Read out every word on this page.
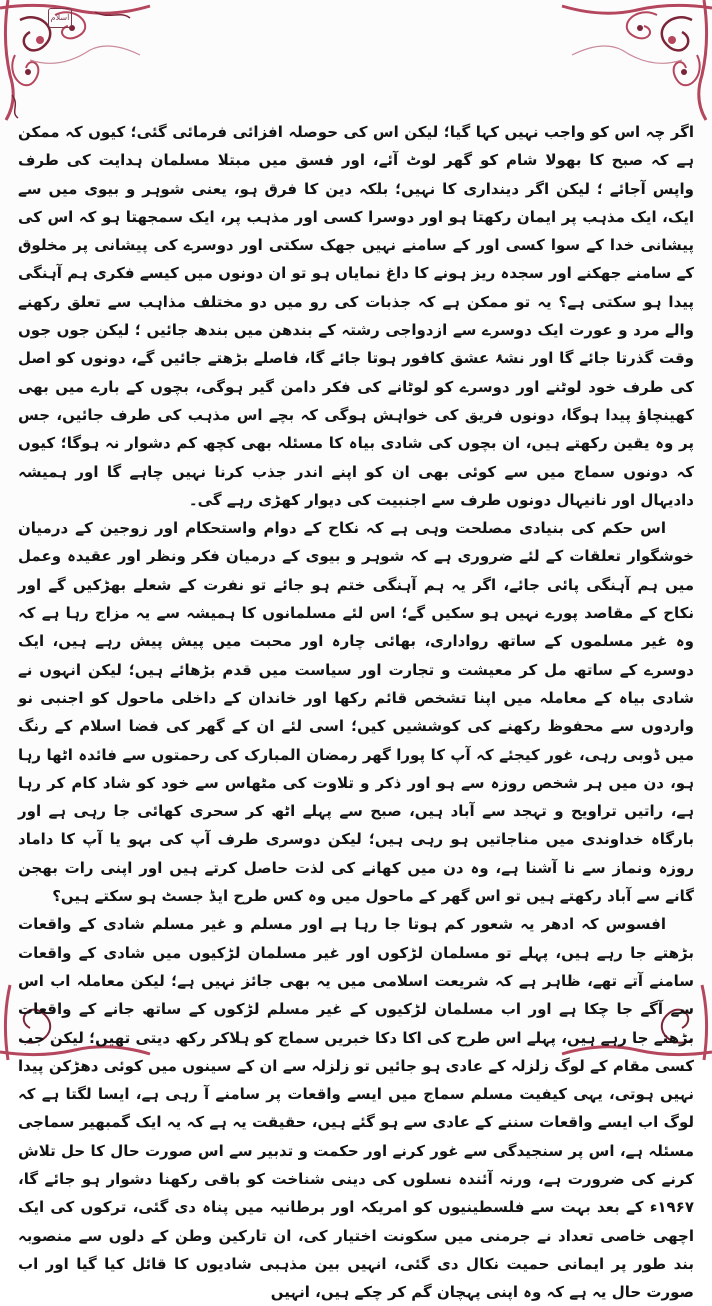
اسلام

اگر چہ اس کو واجب نہیں کہا گیا؛ لیکن اس کی حوصلہ افزائی فرمائی گئی؛ کیوں کہ ممکن ہے کہ صبح کا بھولا شام کو گھر لوٹ آئے، اور فسق میں مبتلا مسلمان ہدایت کی طرف واپس آجائے ؛ لیکن اگر دینداری کا نہیں؛ بلکہ دین کا فرق ہو، یعنی شوہر و بیوی میں سے ایک، ایک مذہب پر ایمان رکھتا ہو اور دوسرا کسی اور مذہب پر، ایک سمجھتا ہو کہ اس کی پیشانی خدا کے سوا کسی اور کے سامنے نہیں جھک سکتی اور دوسرے کی پیشانی پر مخلوق کے سامنے جھکنے اور سجدہ ریز ہونے کا داغ نمایاں ہو تو ان دونوں میں کیسے فکری ہم آہنگی پیدا ہو سکتی ہے؟ یہ تو ممکن ہے کہ جذبات کی رو میں دو مختلف مذاہب سے تعلق رکھنے والے مرد و عورت ایک دوسرے سے ازدواجی رشتہ کے بندھن میں بندھ جائیں ؛ لیکن جوں جوں وقت گذرتا جائے گا اور نشۂ عشق کافور ہوتا جائے گا، فاصلے بڑھتے جائیں گے، دونوں کو اصل کی طرف خود لوٹنے اور دوسرے کو لوٹانے کی فکر دامن گیر ہوگی، بچوں کے بارے میں بھی کھینچاؤ پیدا ہوگا، دونوں فریق کی خواہش ہوگی کہ بچے اس مذہب کی طرف جائیں، جس پر وہ یقین رکھتے ہیں، ان بچوں کی شادی بیاہ کا مسئلہ بھی کچھ کم دشوار نہ ہوگا؛ کیوں کہ دونوں سماج میں سے کوئی بھی ان کو اپنے اندر جذب کرنا نہیں چاہے گا اور ہمیشہ دادیہال اور نانیہال دونوں طرف سے اجنبیت کی دیوار کھڑی رہے گی۔

اس حکم کی بنیادی مصلحت وہی ہے کہ نکاح کے دوام واستحکام اور زوجین کے درمیان خوشگوار تعلقات کے لئے ضروری ہے کہ شوہر و بیوی کے درمیان فکر ونظر اور عقیدہ وعمل میں ہم آہنگی پائی جائے، اگر یہ ہم آہنگی ختم ہو جائے تو نفرت کے شعلے بھڑکیں گے اور نکاح کے مقاصد پورے نہیں ہو سکیں گے؛ اس لئے مسلمانوں کا ہمیشہ سے یہ مزاج رہا ہے کہ وہ غیر مسلموں کے ساتھ رواداری، بھائی چارہ اور محبت میں پیش پیش رہے ہیں، ایک دوسرے کے ساتھ مل کر معیشت و تجارت اور سیاست میں قدم بڑھائے ہیں؛ لیکن انہوں نے شادی بیاہ کے معاملہ میں اپنا تشخص قائم رکھا اور خاندان کے داخلی ماحول کو اجنبی نو واردوں سے محفوظ رکھنے کی کوششیں کیں؛ اسی لئے ان کے گھر کی فضا اسلام کے رنگ میں ڈوبی رہی، غور کیجئے کہ آپ کا پورا گھر رمضان المبارک کی رحمتوں سے فائدہ اٹھا رہا ہو، دن میں ہر شخص روزہ سے ہو اور ذکر و تلاوت کی مٹھاس سے خود کو شاد کام کر رہا ہے، راتیں تراویح و تہجد سے آباد ہیں، صبح سے پہلے اٹھ کر سحری کھائی جا رہی ہے اور بارگاہ خداوندی میں مناجاتیں ہو رہی ہیں؛ لیکن دوسری طرف آپ کی بہو یا آپ کا داماد روزہ ونماز سے نا آشنا ہے، وہ دن میں کھانے کی لذت حاصل کرتے ہیں اور اپنی رات بھجن گانے سے آباد رکھتے ہیں تو اس گھر کے ماحول میں وہ کس طرح ایڈ جسٹ ہو سکتے ہیں؟

افسوس کہ ادھر یہ شعور کم ہوتا جا رہا ہے اور مسلم و غیر مسلم شادی کے واقعات بڑھتے جا رہے ہیں، پہلے تو مسلمان لڑکوں اور غیر مسلمان لڑکیوں میں شادی کے واقعات سامنے آتے تھے، ظاہر ہے کہ شریعت اسلامی میں یہ بھی جائز نہیں ہے؛ لیکن معاملہ اب اس سے آگے جا چکا ہے اور اب مسلمان لڑکیوں کے غیر مسلم لڑکوں کے ساتھ جانے کے واقعات بڑھتے جا رہے ہیں، پہلے اس طرح کی اکا دکا خبریں سماج کو ہلاکر رکھ دیتی تھیں؛ لیکن جب کسی مقام کے لوگ زلزلہ کے عادی ہو جائیں تو زلزلہ سے ان کے سینوں میں کوئی دھڑکن پیدا نہیں ہوتی، یہی کیفیت مسلم سماج میں ایسے واقعات پر سامنے آ رہی ہے، ایسا لگتا ہے کہ لوگ اب ایسے واقعات سننے کے عادی سے ہو گئے ہیں، حقیقت یہ ہے کہ یہ ایک گمبھیر سماجی مسئلہ ہے، اس پر سنجیدگی سے غور کرنے اور حکمت و تدبیر سے اس صورت حال کا حل تلاش کرنے کی ضرورت ہے، ورنہ آئندہ نسلوں کی دینی شناخت کو باقی رکھنا دشوار ہو جائے گا، ۱۹۶۷ء کے بعد بہت سے فلسطینیوں کو امریکہ اور برطانیہ میں پناہ دی گئی، ترکوں کی ایک اچھی خاصی تعداد نے جرمنی میں سکونت اختیار کی، ان تارکین وطن کے دلوں سے منصوبہ بند طور پر ایمانی حمیت نکال دی گئی، انہیں بین مذہبی شادیوں کا قائل کیا گیا اور اب صورت حال یہ ہے کہ وہ اپنی پہچان گم کر چکے ہیں، انہیں
